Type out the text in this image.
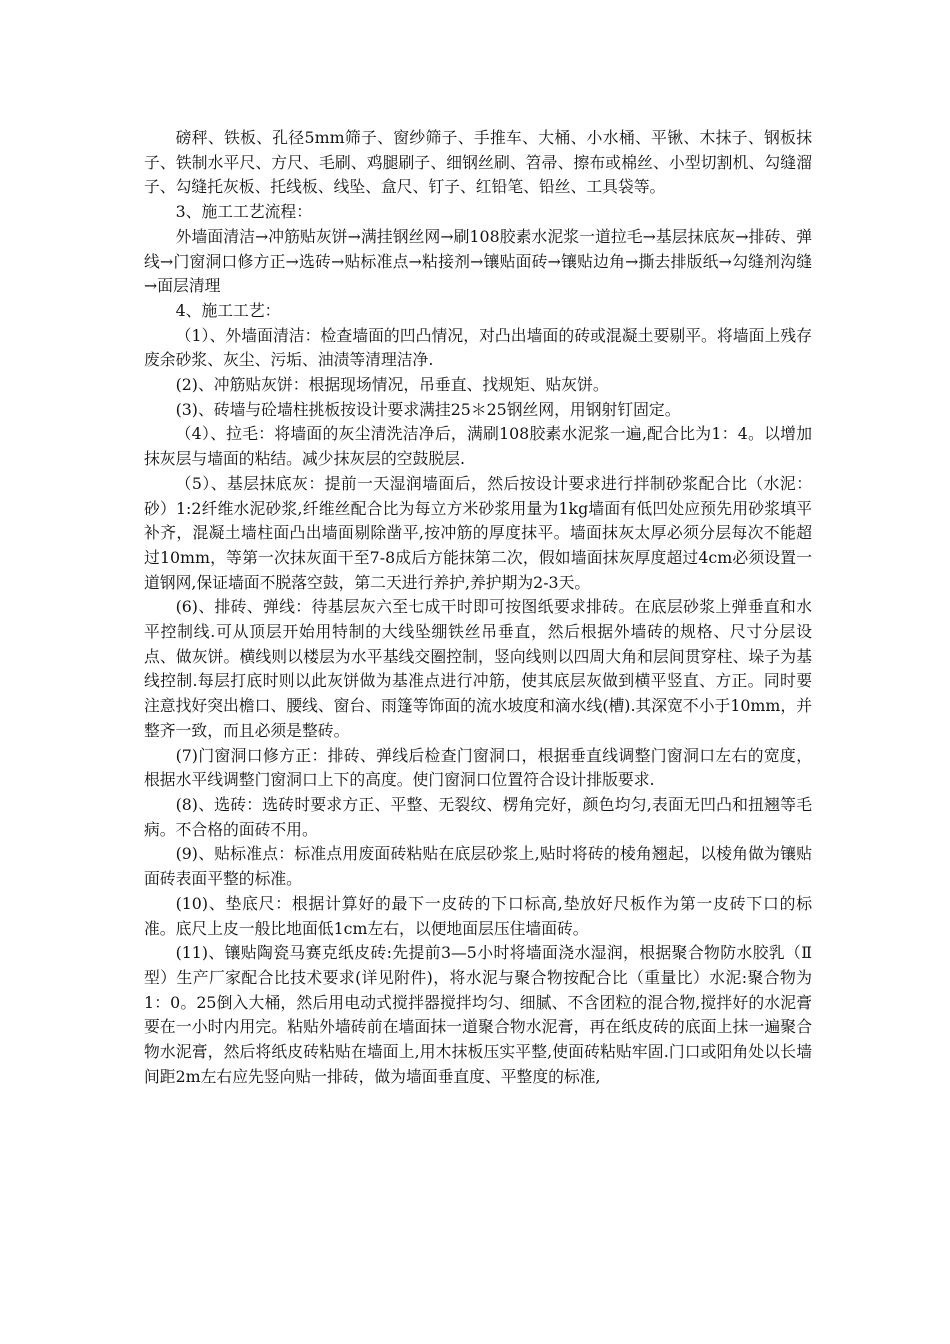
磅秤、铁板、孔径5mm筛子、窗纱筛子、手推车、大桶、小水桶、平锹、木抹子、钢板抹子、铁制水平尺、方尺、毛刷、鸡腿刷子、细钢丝刷、笤帚、擦布或棉丝、小型切割机、勾缝溜子、勾缝托灰板、托线板、线坠、盒尺、钉子、红铅笔、铅丝、工具袋等。

3、施工工艺流程：

外墙面清洁→冲筋贴灰饼→满挂钢丝网→刷108胶素水泥浆一道拉毛→基层抹底灰→排砖、弹线→门窗洞口修方正→选砖→贴标准点→粘接剂→镶贴面砖→镶贴边角→撕去排版纸→勾缝剂沟缝→面层清理

4、施工工艺：

（1）、外墙面清洁：检查墙面的凹凸情况，对凸出墙面的砖或混凝土要剔平。将墙面上残存废余砂浆、灰尘、污垢、油渍等清理洁净.

(2)、冲筋贴灰饼：根据现场情况，吊垂直、找规矩、贴灰饼。

(3)、砖墙与砼墙柱挑板按设计要求满挂25＊25钢丝网，用钢射钉固定。

（4）、拉毛：将墙面的灰尘清洗洁净后，满刷108胶素水泥浆一遍,配合比为1：4。以增加抹灰层与墙面的粘结。减少抹灰层的空鼓脱层.

（5）、基层抹底灰：提前一天湿润墙面后，然后按设计要求进行拌制砂浆配合比（水泥：砂）1:2纤维水泥砂浆,纤维丝配合比为每立方米砂浆用量为1kg墙面有低凹处应预先用砂浆填平补齐，混凝土墙柱面凸出墙面剔除凿平,按冲筋的厚度抹平。墙面抹灰太厚必须分层每次不能超过10mm，等第一次抹灰面干至7-8成后方能抹第二次，假如墙面抹灰厚度超过4cm必须设置一道钢网,保证墙面不脱落空鼓，第二天进行养护,养护期为2-3天。

(6)、排砖、弹线：待基层灰六至七成干时即可按图纸要求排砖。在底层砂浆上弹垂直和水平控制线.可从顶层开始用特制的大线坠绷铁丝吊垂直，然后根据外墙砖的规格、尺寸分层设点、做灰饼。横线则以楼层为水平基线交圈控制，竖向线则以四周大角和层间贯穿柱、垛子为基线控制.每层打底时则以此灰饼做为基准点进行冲筋，使其底层灰做到横平竖直、方正。同时要注意找好突出檐口、腰线、窗台、雨篷等饰面的流水坡度和滴水线(槽).其深宽不小于10mm，并整齐一致，而且必须是整砖。

(7)门窗洞口修方正：排砖、弹线后检查门窗洞口，根据垂直线调整门窗洞口左右的宽度，根据水平线调整门窗洞口上下的高度。使门窗洞口位置符合设计排版要求.

(8)、选砖：选砖时要求方正、平整、无裂纹、楞角完好，颜色均匀,表面无凹凸和扭翘等毛病。不合格的面砖不用。

(9)、贴标准点：标准点用废面砖粘贴在底层砂浆上,贴时将砖的棱角翘起，以棱角做为镶贴面砖表面平整的标准。

(10)、垫底尺：根据计算好的最下一皮砖的下口标高,垫放好尺板作为第一皮砖下口的标准。底尺上皮一般比地面低1cm左右，以便地面层压住墙面砖。

(11)、镶贴陶瓷马赛克纸皮砖:先提前3—5小时将墙面浇水湿润，根据聚合物防水胶乳（Ⅱ型）生产厂家配合比技术要求(详见附件)，将水泥与聚合物按配合比（重量比）水泥:聚合物为1：0。25倒入大桶，然后用电动式搅拌器搅拌均匀、细腻、不含团粒的混合物,搅拌好的水泥膏要在一小时内用完。粘贴外墙砖前在墙面抹一道聚合物水泥膏，再在纸皮砖的底面上抹一遍聚合物水泥膏，然后将纸皮砖粘贴在墙面上,用木抹板压实平整,使面砖粘贴牢固.门口或阳角处以长墙间距2m左右应先竖向贴一排砖，做为墙面垂直度、平整度的标准,
